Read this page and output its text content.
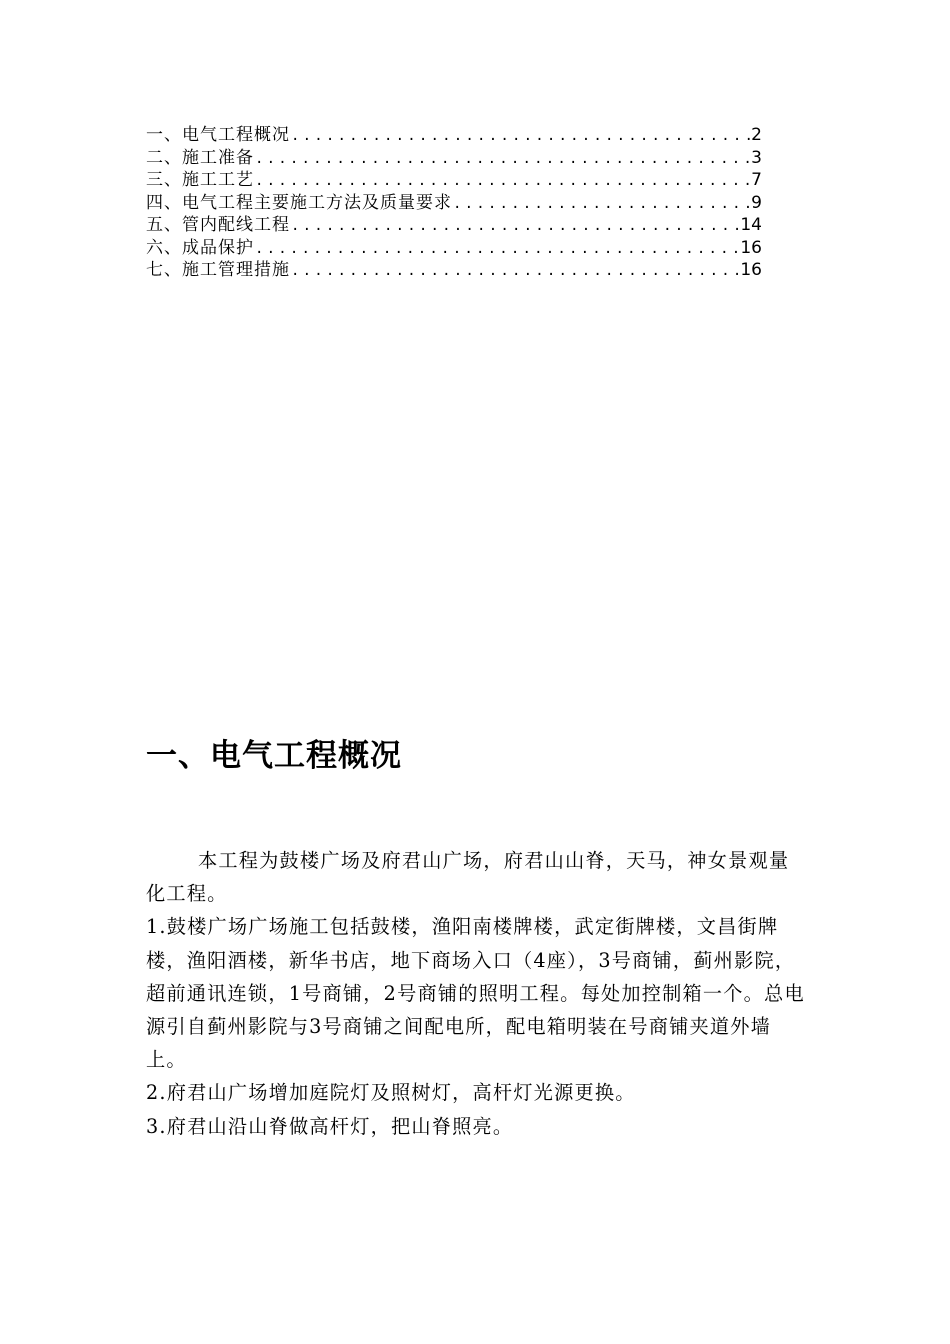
一、电气工程概况 .....	2
二、施工准备 .....	3
三、施工工艺 .....	7
四、电气工程主要施工方法及质量要求 .....	9
五、管内配线工程 .....	14
六、成品保护 .....	16
七、施工管理措施 .....	16
一、电气工程概况

本工程为鼓楼广场及府君山广场，府君山山脊，天马，神女景观量化工程。

1.鼓楼广场广场施工包括鼓楼，渔阳南楼牌楼，武定街牌楼，文昌街牌楼，渔阳酒楼，新华书店，地下商场入口（4座），3号商铺，蓟州影院，超前通讯连锁，1号商铺，2号商铺的照明工程。每处加控制箱一个。总电源引自蓟州影院与3号商铺之间配电所，配电箱明装在号商铺夹道外墙上。

2.府君山广场增加庭院灯及照树灯，高杆灯光源更换。

3.府君山沿山脊做高杆灯，把山脊照亮。
